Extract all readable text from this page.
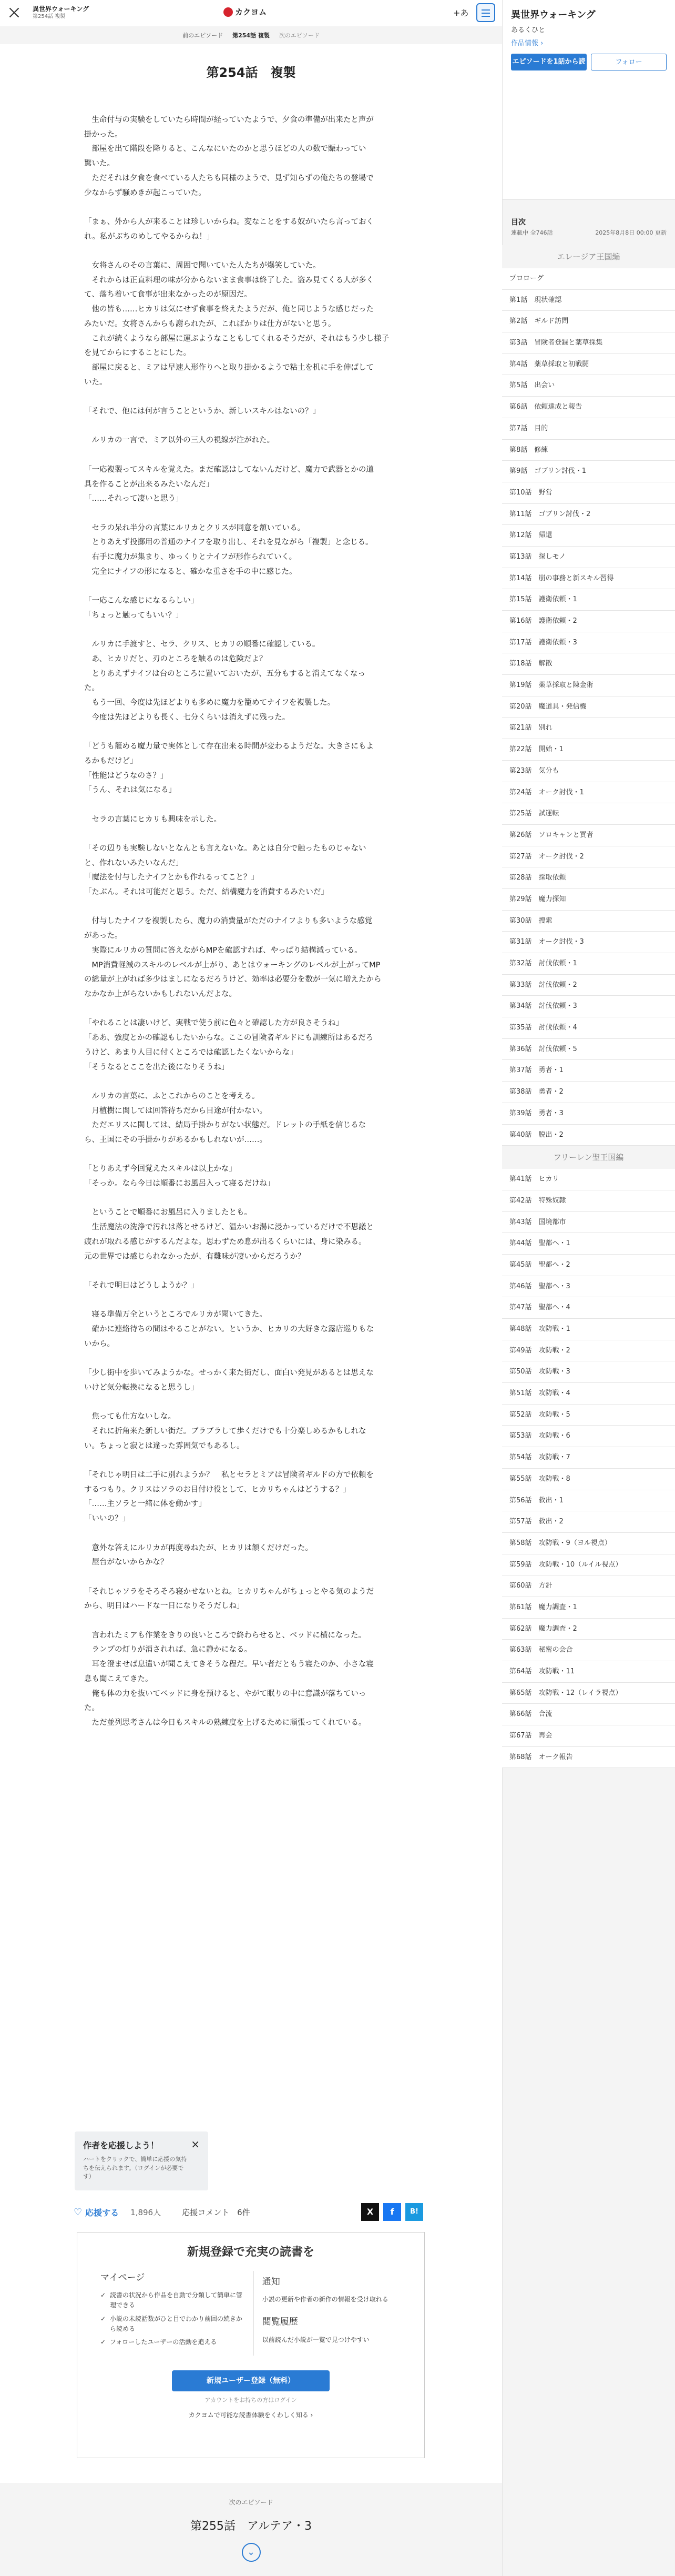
異世界ウォーキング
第254話 複製	カクヨム	+あ
前のエピソード 第254話 複製 次のエピソード
第254話　複製

　生命付与の実験をしていたら時間が経っていたようで、夕食の準備が出来たと声が

掛かった。

　部屋を出て階段を降りると、こんなにいたのかと思うほどの人の数で賑わってい

驚いた。

　ただそれは夕食を食べている人たちも同様のようで、見ず知らずの俺たちの登場で

少なからず騒めきが起こっていた。

「まぁ、外から人が来ることは珍しいからね。変なことをする奴がいたら言っておく

れ。私がぶちのめしてやるからね！」

　女将さんのその言葉に、周囲で聞いていた人たちが爆笑していた。

　それからは正直料理の味が分からないまま食事は終了した。盗み見てくる人が多く

て、落ち着いて食事が出来なかったのが原因だ。

　他の皆も……ヒカリは気にせず食事を終えたようだが、俺と同じような感じだった

みたいだ。女将さんからも謝られたが、こればかりは仕方がないと思う。

　これが続くようなら部屋に運ぶようなこともしてくれるそうだが、それはもう少し様子

を見てからにすることにした。

　部屋に戻ると、ミアは早速人形作りへと取り掛かるようで粘土を机に手を伸ばして

いた。

「それで、他には何が言うことというか、新しいスキルはないの？」

　ルリカの一言で、ミア以外の三人の視線が注がれた。

「一応複製ってスキルを覚えた。まだ確認はしてないんだけど、魔力で武器とかの道

具を作ることが出来るみたいなんだ」

「……それって凄いと思う」

　セラの呆れ半分の言葉にルリカとクリスが同意を頷いている。

　とりあえず投擲用の普通のナイフを取り出し、それを見ながら「複製」と念じる。

　右手に魔力が集まり、ゆっくりとナイフが形作られていく。

　完全にナイフの形になると、確かな重さを手の中に感じた。

「一応こんな感じになるらしい」

「ちょっと触ってもいい？」

　ルリカに手渡すと、セラ、クリス、ヒカリの順番に確認している。

　あ、ヒカリだと、刃のところを触るのは危険だよ？

　とりあえずナイフは台のところに置いておいたが、五分もすると消えてなくなっ

た。

　もう一回、今度は先ほどよりも多めに魔力を籠めてナイフを複製した。

　今度は先ほどよりも長く、七分くらいは消えずに残った。

「どうも籠める魔力量で実体として存在出来る時間が変わるようだな。大きさにもよ

るかもだけど」

「性能はどうなのさ？」

「うん、それは気になる」

　セラの言葉にヒカリも興味を示した。

「その辺りも実験しないとなんとも言えないな。あとは自分で触ったものじゃない

と、作れないみたいなんだ」

「魔法を付与したナイフとかも作れるってこと？」

「たぶん。それは可能だと思う。ただ、結構魔力を消費するみたいだ」

　付与したナイフを複製したら、魔力の消費量がただのナイフよりも多いような感覚

があった。

　実際にルリカの質問に答えながらMPを確認すれば、やっぱり結構減っている。

　MP消費軽減のスキルのレベルが上がり、あとはウォーキングのレベルが上がってMP

の総量が上がれば多少はましになるだろうけど、効率は必要分を数が一気に増えたから

なかなか上がらないかもしれないんだよな。

「やれることは凄いけど、実戦で使う前に色々と確認した方が良さそうね」

「ああ、強度とかの確認もしたいからな。ここの冒険者ギルドにも訓練所はあるだろ

うけど、あまり人目に付くところでは確認したくないからな」

「そうなるとここを出た後になりそうね」

　ルリカの言葉に、ふとこれからのことを考える。

　月植樹に関しては回答待ちだから目途が付かない。

　ただエリスに関しては、結局手掛かりがない状態だ。ドレットの手紙を信じるな

ら、王国にその手掛かりがあるかもしれないが……。

「とりあえず今回覚えたスキルは以上かな」

「そっか。なら今日は順番にお風呂入って寝るだけね」

　ということで順番にお風呂に入りましたとも。

　生活魔法の洗浄で汚れは落とせるけど、温かいお湯に浸かっているだけで不思議と

疲れが取れる感じがするんだよな。思わずため息が出るくらいには、身に染みる。

元の世界では感じられなかったが、有難味が凄いからだろうか？

「それで明日はどうしようか？」

　寝る準備万全というところでルリカが聞いてきた。

　確かに連絡待ちの間はやることがない。というか、ヒカリの大好きな露店巡りもな

いから。

「少し街中を歩いてみようかな。せっかく来た街だし、面白い発見があるとは思えな

いけど気分転換になると思うし」

　焦っても仕方ないしな。

　それに折角来た新しい街だ。ブラブラして歩くだけでも十分楽しめるかもしれな

い。ちょっと寂とは違った雰囲気でもあるし。

「それじゃ明日は二手に別れようか？　私とセラとミアは冒険者ギルドの方で依頼を

するつもり。クリスはソラのお目付け役として、ヒカリちゃんはどうする？」

「……主ソラと一緒に体を動かす」

「いいの？」

　意外な答えにルリカが再度尋ねたが、ヒカリは頷くだけだった。

　屋台がないからかな？

「それじゃソラをそろそろ寝かせないとね。ヒカリちゃんがちょっとやる気のようだ

から、明日はハードな一日になりそうだしね」

　言われたミアも作業をきりの良いところで終わらせると、ベッドに横になった。

　ランプの灯りが消されれば、急に静かになる。

　耳を澄ませば息遣いが聞こえてきそうな程だ。早い者だともう寝たのか、小さな寝

息も聞こえてきた。

　俺も体の力を抜いてベッドに身を預けると、やがて眠りの中に意識が落ちていっ

た。

　ただ並列思考さんは今日もスキルの熟練度を上げるために頑張ってくれている。

作者を応援しよう！
ハートをクリックで、簡単に応援の気持ちを伝えられます。（ログインが必要です）
×
♡ 応援する 1,896人	応援コメント　6件	X	f	B!
新規登録で充実の読書を
マイページ
✓ 読書の状況から作品を自動で分類して簡単に管理できる
✓ 小説の未読話数がひと目でわかり前回の続きから読める
✓ フォローしたユーザーの活動を追える
通知

小説の更新や作者の新作の情報を受け取れる

閲覧履歴

以前読んだ小説が一覧で見つけやすい

新規ユーザー登録（無料）
アカウントをお持ちの方はログイン
カクヨムで可能な読書体験をくわしく知る ›
次のエピソード
第255話　アルテア・3
⌄
異世界ウォーキング
あるくひと
作品情報 ›
エピソードを1話から読む
フォロー
目次
連載中 全746話	2025年8月8日 00:00 更新
エレージア王国編
プロローグ
第1話　現状確認
第2話　ギルド訪問
第3話　冒険者登録と薬草採集
第4話　薬草採取と初戦闘
第5話　出会い
第6話　依頼達成と報告
第7話　目的
第8話　修練
第9話　ゴブリン討伐・1
第10話　野営
第11話　ゴブリン討伐・2
第12話　帰還
第13話　探しモノ
第14話　崩の事務と新スキル習得
第15話　護衛依頼・1
第16話　護衛依頼・2
第17話　護衛依頼・3
第18話　解散
第19話　薬草採取と陳金術
第20話　魔道具・発信機
第21話　別れ
第22話　開始・1
第23話　気分も
第24話　オーク討伐・1
第25話　試運転
第26話　ソロキャンと買者
第27話　オーク討伐・2
第28話　採取依頼
第29話　魔力探知
第30話　捜索
第31話　オーク討伐・3
第32話　討伐依頼・1
第33話　討伐依頼・2
第34話　討伐依頼・3
第35話　討伐依頼・4
第36話　討伐依頼・5
第37話　勇者・1
第38話　勇者・2
第39話　勇者・3
第40話　脱出・2
フリーレン聖王国編
第41話　ヒカリ
第42話　特殊奴隷
第43話　国境都市
第44話　聖都へ・1
第45話　聖都へ・2
第46話　聖都へ・3
第47話　聖都へ・4
第48話　攻防戦・1
第49話　攻防戦・2
第50話　攻防戦・3
第51話　攻防戦・4
第52話　攻防戦・5
第53話　攻防戦・6
第54話　攻防戦・7
第55話　攻防戦・8
第56話　救出・1
第57話　救出・2
第58話　攻防戦・9（ヨル視点）
第59話　攻防戦・10（ルイル視点）
第60話　方針
第61話　魔力調査・1
第62話　魔力調査・2
第63話　秘密の会合
第64話　攻防戦・11
第65話　攻防戦・12（レイラ視点）
第66話　合流
第67話　再会
第68話　オーク報告
